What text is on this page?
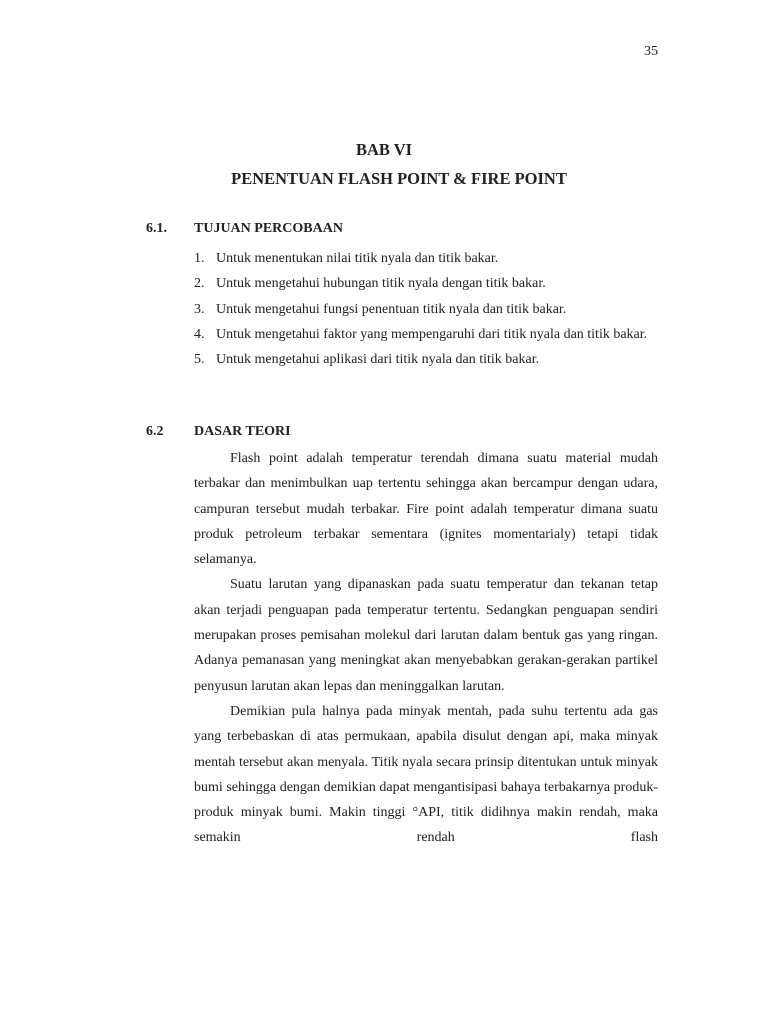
35
BAB VI
PENENTUAN FLASH POINT & FIRE POINT
6.1. TUJUAN PERCOBAAN
1. Untuk menentukan nilai titik nyala dan titik bakar.
2. Untuk mengetahui hubungan titik nyala dengan titik bakar.
3. Untuk mengetahui fungsi penentuan titik nyala dan titik bakar.
4. Untuk mengetahui faktor yang mempengaruhi dari titik nyala dan titik bakar.
5. Untuk mengetahui aplikasi dari titik nyala dan titik bakar.
6.2 DASAR TEORI

Flash point adalah temperatur terendah dimana suatu material mudah terbakar dan menimbulkan uap tertentu sehingga akan bercampur dengan udara, campuran tersebut mudah terbakar. Fire point adalah temperatur dimana suatu produk petroleum terbakar sementara (ignites momentarialy) tetapi tidak selamanya.

Suatu larutan yang dipanaskan pada suatu temperatur dan tekanan tetap akan terjadi penguapan pada temperatur tertentu. Sedangkan penguapan sendiri merupakan proses pemisahan molekul dari larutan dalam bentuk gas yang ringan. Adanya pemanasan yang meningkat akan menyebabkan gerakan-gerakan partikel penyusun larutan akan lepas dan meninggalkan larutan.

Demikian pula halnya pada minyak mentah, pada suhu tertentu ada gas yang terbebaskan di atas permukaan, apabila disulut dengan api, maka minyak mentah tersebut akan menyala. Titik nyala secara prinsip ditentukan untuk minyak bumi sehingga dengan demikian dapat mengantisipasi bahaya terbakarnya produk-produk minyak bumi. Makin tinggi °API, titik didihnya makin rendah, maka semakin rendah flash
